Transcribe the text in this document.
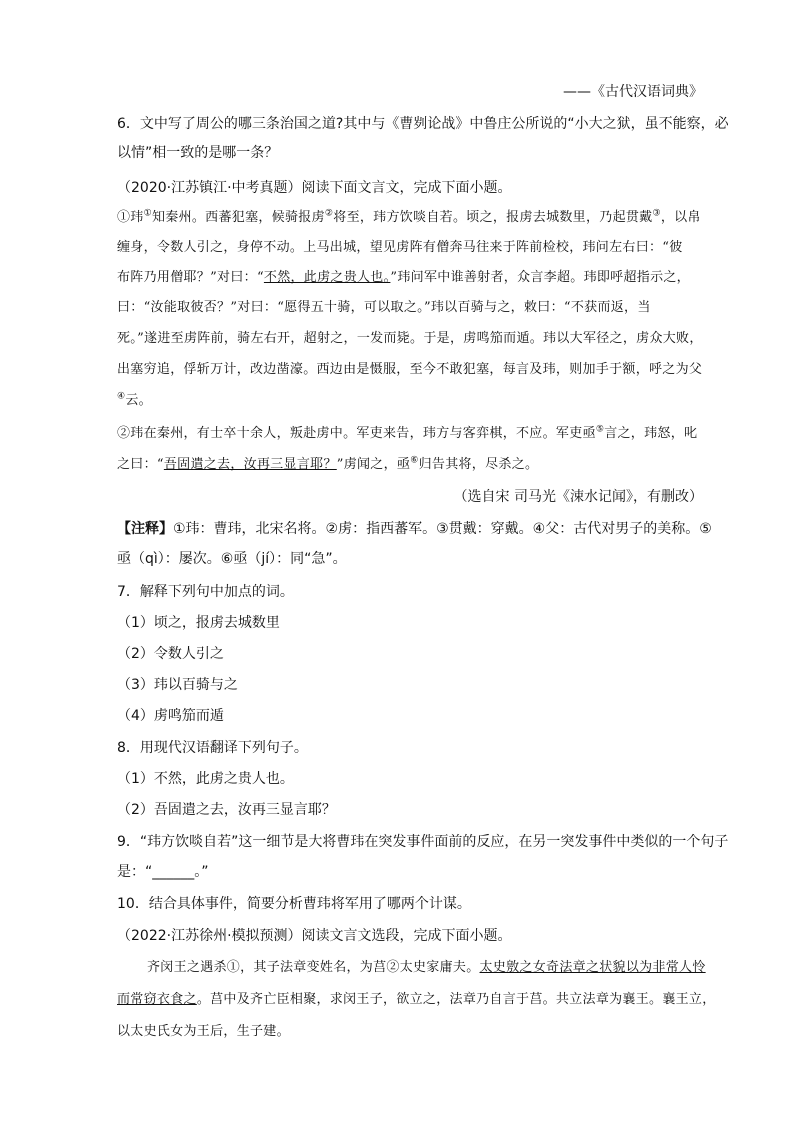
——《古代汉语词典》
6．文中写了周公的哪三条治国之道?其中与《曹刿论战》中鲁庄公所说的“小大之狱，虽不能察，必
以情”相一致的是哪一条？
（2020·江苏镇江·中考真题）阅读下面文言文，完成下面小题。
①玮①知秦州。西蕃犯塞，候骑报虏②将至，玮方饮啖自若。顷之，报虏去城数里，乃起贯戴③，以帛
缠身，令数人引之，身停不动。上马出城，望见虏阵有僧奔马往来于阵前检校，玮问左右曰：“彼
布阵乃用僧耶？”对曰：“不然，此虏之贵人也。”玮问军中谁善射者，众言李超。玮即呼超指示之，
曰：“汝能取彼否？”对曰：“愿得五十骑，可以取之。”玮以百骑与之，敕曰：“不获而返，当
死。”遂进至虏阵前，骑左右开，超射之，一发而毙。于是，虏鸣笳而遁。玮以大军径之，虏众大败，
出塞穷追，俘斩万计，改边凿濠。西边由是慑服，至今不敢犯塞，每言及玮，则加手于额，呼之为父
④云。
②玮在秦州，有士卒十余人，叛赴虏中。军吏来告，玮方与客弈棋，不应。军吏亟⑤言之，玮怒，叱
之曰：“吾固遣之去，汝再三显言耶？”虏闻之，亟⑥归告其将，尽杀之。
（选自宋 司马光《涑水记闻》，有删改）
【注释】①玮：曹玮，北宋名将。②虏：指西蕃军。③贯戴：穿戴。④父：古代对男子的美称。⑤
亟（qì）：屡次。⑥亟（jí）：同“急”。
7．解释下列句中加点的词。
（1）顷之，报虏去城数里
（2）令数人引之
（3）玮以百骑与之
（4）虏鸣笳而遁
8．用现代汉语翻译下列句子。
（1）不然，此虏之贵人也。
（2）吾固遣之去，汝再三显言耶？
9．“玮方饮啖自若”这一细节是大将曹玮在突发事件面前的反应，在另一突发事件中类似的一个句子
是：“______。”
10．结合具体事件，简要分析曹玮将军用了哪两个计谋。
（2022·江苏徐州·模拟预测）阅读文言文选段，完成下面小题。
齐闵王之遇杀①，其子法章变姓名，为莒②太史家庸夫。太史敫之女奇法章之状貌以为非常人怜
而常窃衣食之。莒中及齐亡臣相聚，求闵王子，欲立之，法章乃自言于莒。共立法章为襄王。襄王立，
以太史氏女为王后，生子建。
